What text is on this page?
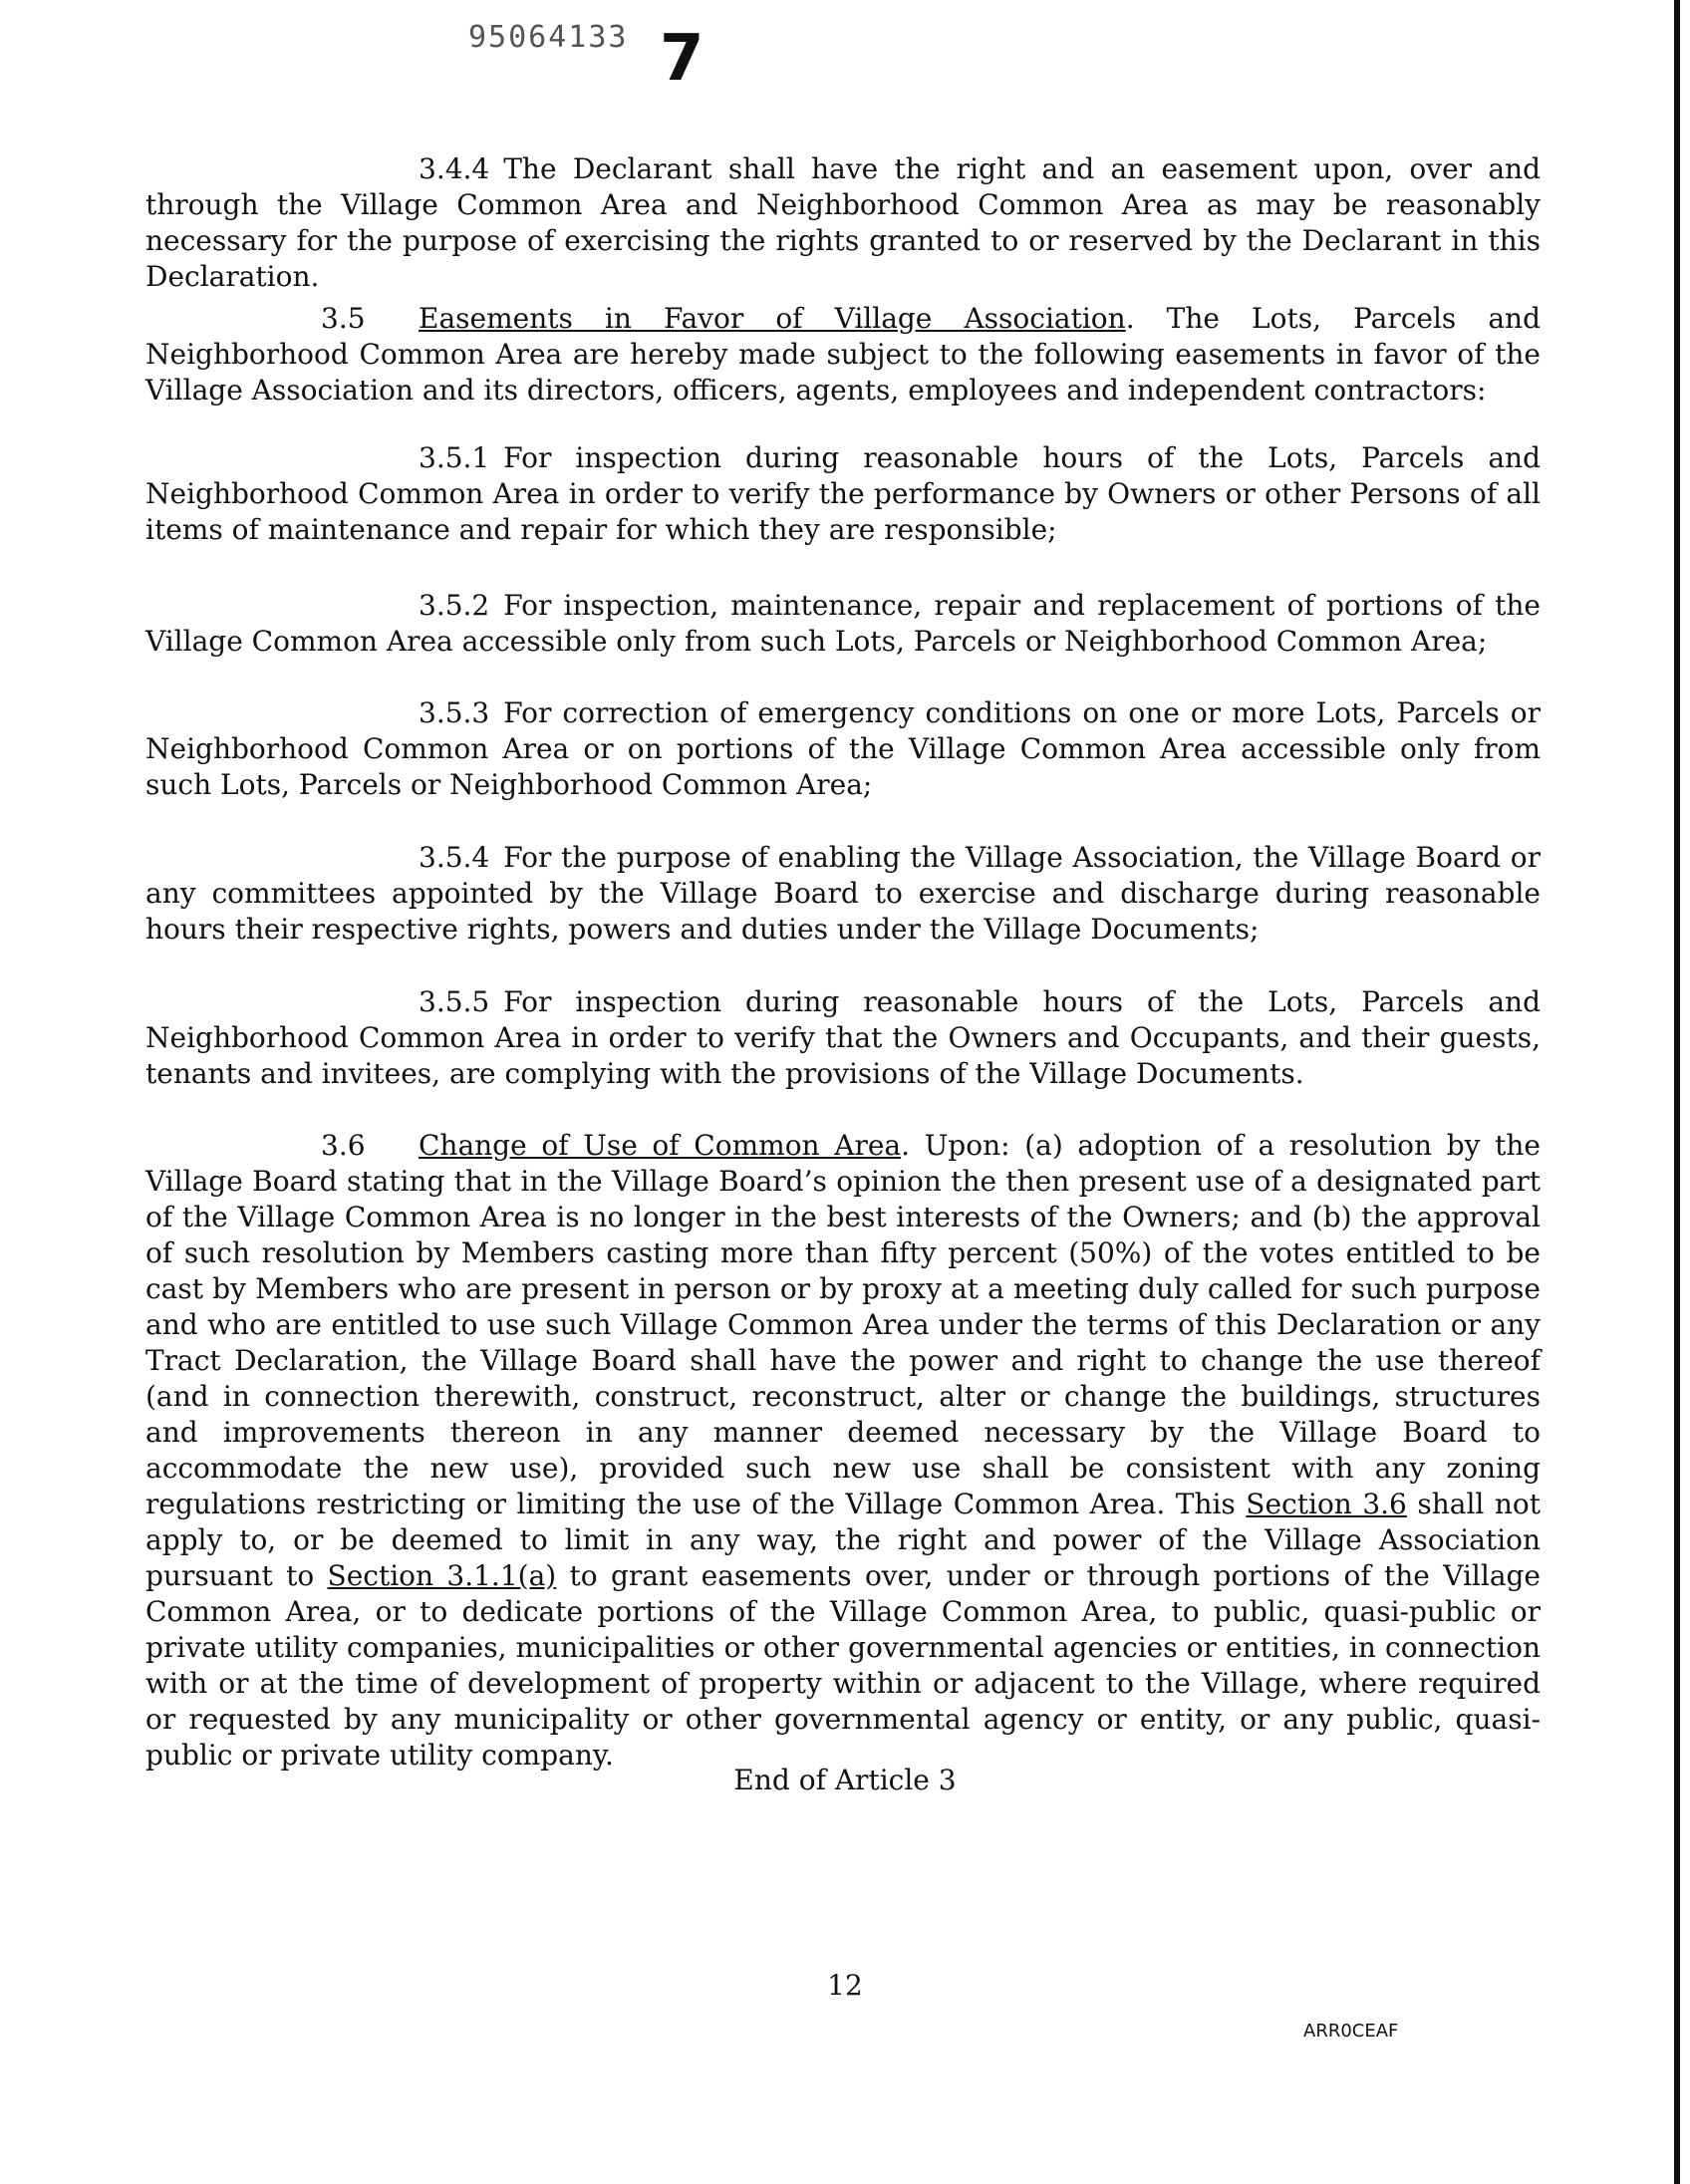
95064133 7

3.4.4 The Declarant shall have the right and an easement upon, over and through the Village Common Area and Neighborhood Common Area as may be reasonably necessary for the purpose of exercising the rights granted to or reserved by the Declarant in this Declaration.

3.5 Easements in Favor of Village Association. The Lots, Parcels and Neighborhood Common Area are hereby made subject to the following easements in favor of the Village Association and its directors, officers, agents, employees and independent contractors:

3.5.1 For inspection during reasonable hours of the Lots, Parcels and Neighborhood Common Area in order to verify the performance by Owners or other Persons of all items of maintenance and repair for which they are responsible;

3.5.2 For inspection, maintenance, repair and replacement of portions of the Village Common Area accessible only from such Lots, Parcels or Neighborhood Common Area;

3.5.3 For correction of emergency conditions on one or more Lots, Parcels or Neighborhood Common Area or on portions of the Village Common Area accessible only from such Lots, Parcels or Neighborhood Common Area;

3.5.4 For the purpose of enabling the Village Association, the Village Board or any committees appointed by the Village Board to exercise and discharge during reasonable hours their respective rights, powers and duties under the Village Documents;

3.5.5 For inspection during reasonable hours of the Lots, Parcels and Neighborhood Common Area in order to verify that the Owners and Occupants, and their guests, tenants and invitees, are complying with the provisions of the Village Documents.

3.6 Change of Use of Common Area. Upon: (a) adoption of a resolution by the Village Board stating that in the Village Board’s opinion the then present use of a designated part of the Village Common Area is no longer in the best interests of the Owners; and (b) the approval of such resolution by Members casting more than fifty percent (50%) of the votes entitled to be cast by Members who are present in person or by proxy at a meeting duly called for such purpose and who are entitled to use such Village Common Area under the terms of this Declaration or any Tract Declaration, the Village Board shall have the power and right to change the use thereof (and in connection therewith, construct, reconstruct, alter or change the buildings, structures and improvements thereon in any manner deemed necessary by the Village Board to accommodate the new use), provided such new use shall be consistent with any zoning regulations restricting or limiting the use of the Village Common Area. This Section 3.6 shall not apply to, or be deemed to limit in any way, the right and power of the Village Association pursuant to Section 3.1.1(a) to grant easements over, under or through portions of the Village Common Area, or to dedicate portions of the Village Common Area, to public, quasi-public or private utility companies, municipalities or other governmental agencies or entities, in connection with or at the time of development of property within or adjacent to the Village, where required or requested by any municipality or other governmental agency or entity, or any public, quasi-public or private utility company.

End of Article 3
12
ARR0CEAF
